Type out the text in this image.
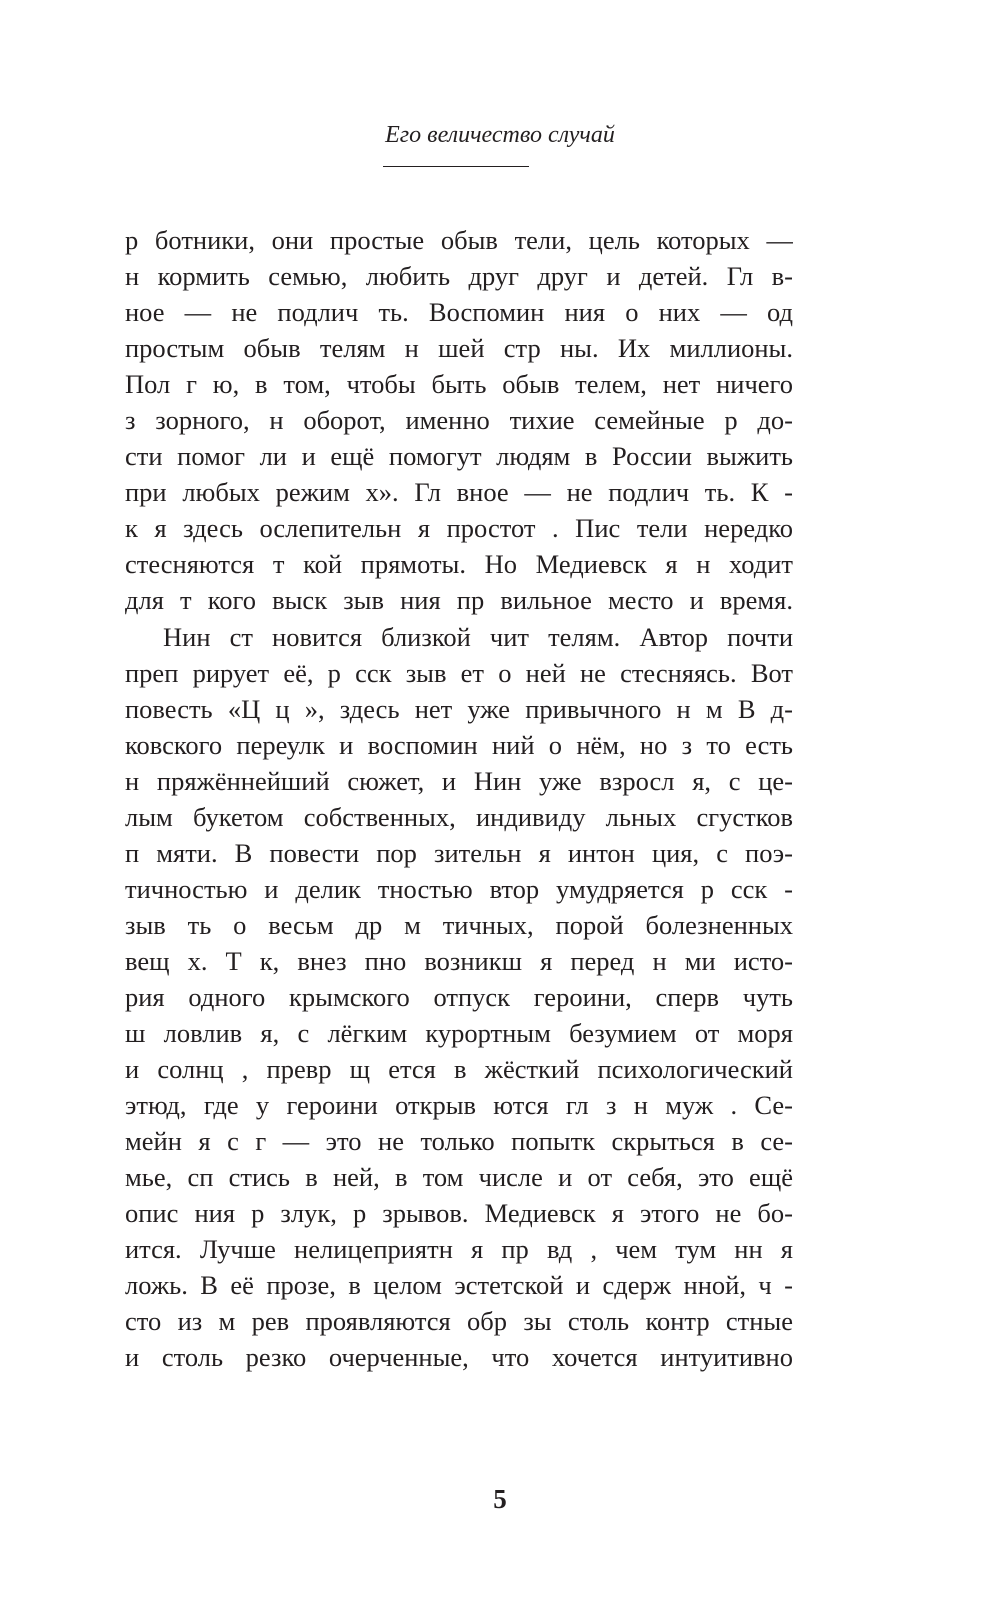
Его величество случай
р ботники, они простые обыв тели, цель которых —
н кормить семью, любить друг друг и детей. Гл в-
ное — не подлич ть. Воспомин ния о них — од
простым обыв телям н шей стр ны. Их миллионы.
Пол г ю, в том, чтобы быть обыв телем, нет ничего
з зорного, н оборот, именно тихие семейные р до-
сти помог ли и ещё помогут людям в России выжить
при любых режим х». Гл вное — не подлич ть. К -
к я здесь ослепительн я простот . Пис тели нередко
стесняются т кой прямоты. Но Медиевск я н ходит
для т кого выск зыв ния пр вильное место и время.
Нин ст новится близкой чит телям. Автор почти
преп рирует её, р сск зыв ет о ней не стесняясь. Вот
повесть «Ц ц », здесь нет уже привычного н м В д-
ковского переулк и воспомин ний о нём, но з то есть
н пряжённейший сюжет, и Нин уже взросл я, с це-
лым букетом собственных, индивиду льных сгустков
п мяти. В повести пор зительн я интон ция, с поэ-
тичностью и делик тностью втор умудряется р сск -
зыв ть о весьм др м тичных, порой болезненных
вещ х. Т к, внез пно возникш я перед н ми исто-
рия одного крымского отпуск героини, сперв чуть
ш ловлив я, с лёгким курортным безумием от моря
и солнц , превр щ ется в жёсткий психологический
этюд, где у героини открыв ются гл з н муж . Се-
мейн я с г — это не только попытк скрыться в се-
мье, сп стись в ней, в том числе и от себя, это ещё
опис ния р злук, р зрывов. Медиевск я этого не бо-
ится. Лучше нелицеприятн я пр вд , чем тум нн я
ложь. В её прозе, в целом эстетской и сдерж нной, ч -
сто из м рев проявляются обр зы столь контр стные
и столь резко очерченные, что хочется интуитивно
5
